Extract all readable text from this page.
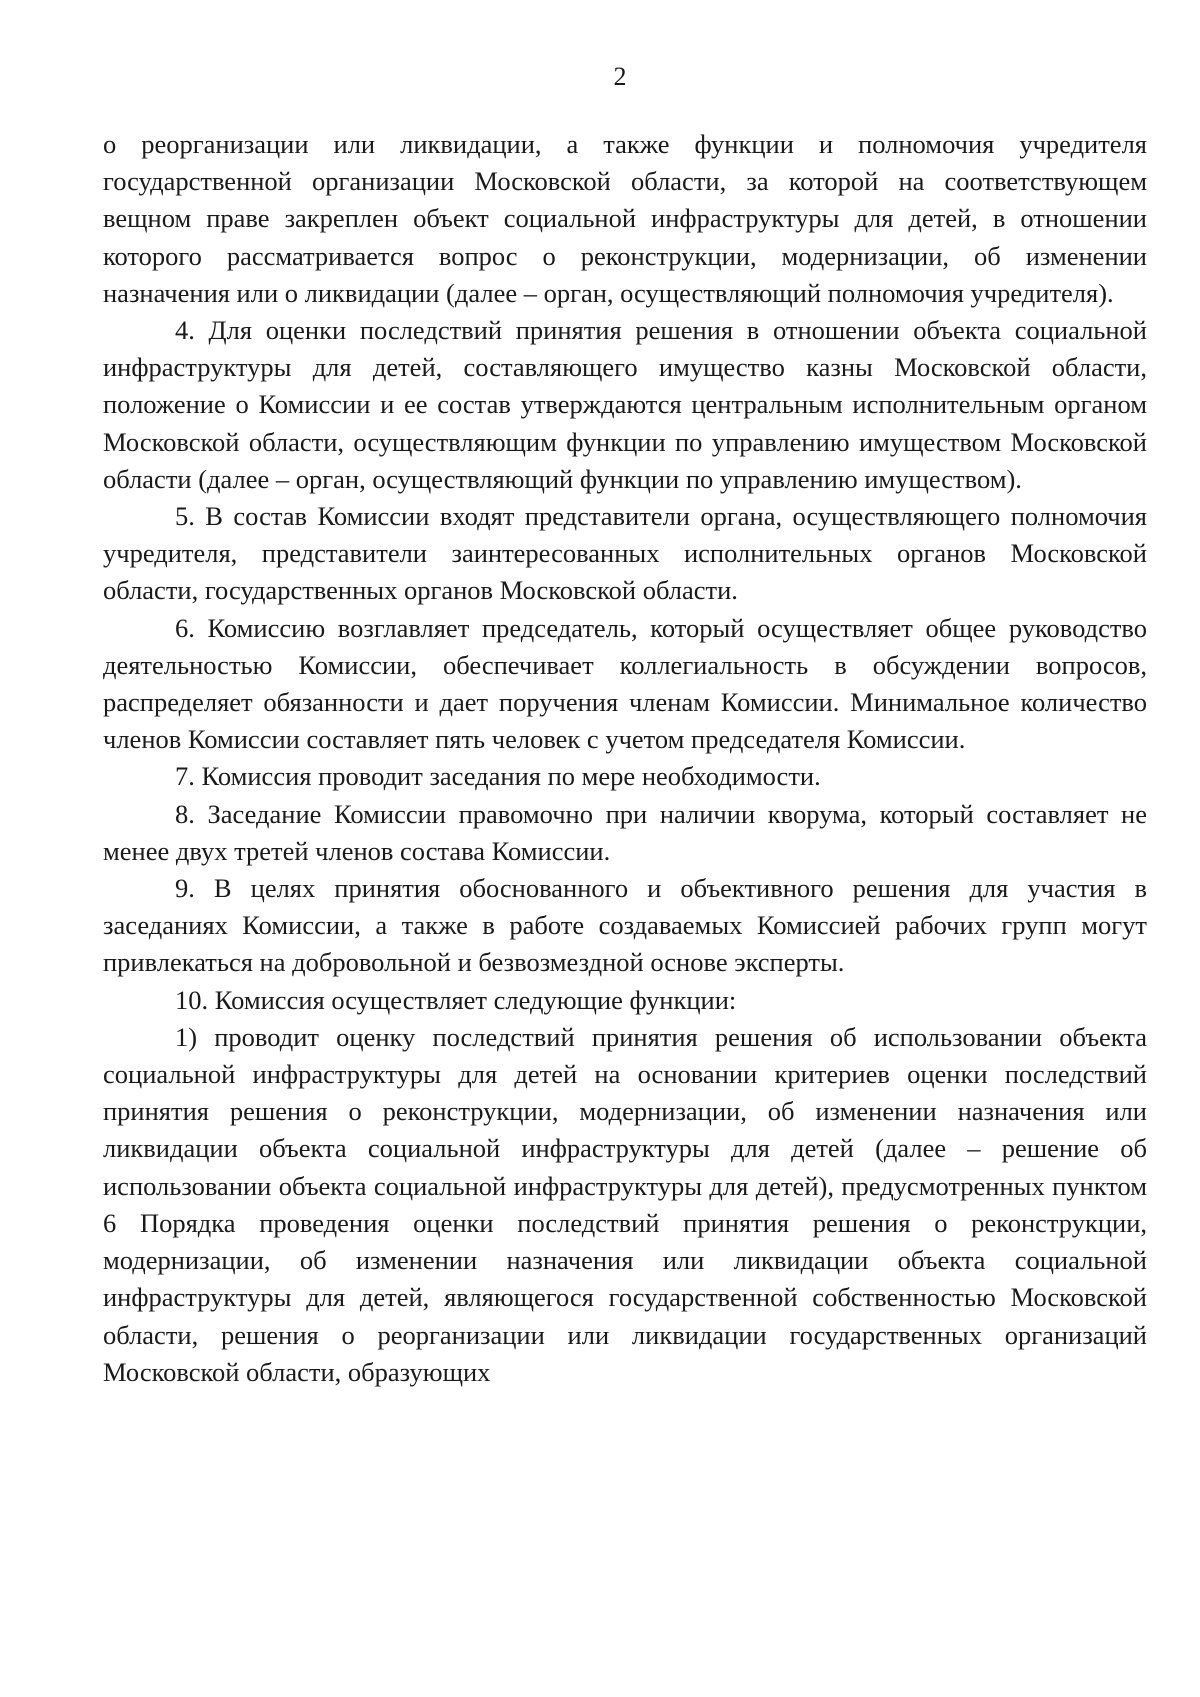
2

о реорганизации или ликвидации, а также функции и полномочия учредителя государственной организации Московской области, за которой на соответствующем вещном праве закреплен объект социальной инфраструктуры для детей, в отношении которого рассматривается вопрос о реконструкции, модернизации, об изменении назначения или о ликвидации (далее – орган, осуществляющий полномочия учредителя).

4. Для оценки последствий принятия решения в отношении объекта социальной инфраструктуры для детей, составляющего имущество казны Московской области, положение о Комиссии и ее состав утверждаются центральным исполнительным органом Московской области, осуществляющим функции по управлению имуществом Московской области (далее – орган, осуществляющий функции по управлению имуществом).

5. В состав Комиссии входят представители органа, осуществляющего полномочия учредителя, представители заинтересованных исполнительных органов Московской области, государственных органов Московской области.

6. Комиссию возглавляет председатель, который осуществляет общее руководство деятельностью Комиссии, обеспечивает коллегиальность в обсуждении вопросов, распределяет обязанности и дает поручения членам Комиссии. Минимальное количество членов Комиссии составляет пять человек с учетом председателя Комиссии.

7. Комиссия проводит заседания по мере необходимости.

8. Заседание Комиссии правомочно при наличии кворума, который составляет не менее двух третей членов состава Комиссии.

9. В целях принятия обоснованного и объективного решения для участия в заседаниях Комиссии, а также в работе создаваемых Комиссией рабочих групп могут привлекаться на добровольной и безвозмездной основе эксперты.

10. Комиссия осуществляет следующие функции:

1) проводит оценку последствий принятия решения об использовании объекта социальной инфраструктуры для детей на основании критериев оценки последствий принятия решения о реконструкции, модернизации, об изменении назначения или ликвидации объекта социальной инфраструктуры для детей (далее – решение об использовании объекта социальной инфраструктуры для детей), предусмотренных пунктом 6 Порядка проведения оценки последствий принятия решения о реконструкции, модернизации, об изменении назначения или ликвидации объекта социальной инфраструктуры для детей, являющегося государственной собственностью Московской области, решения о реорганизации или ликвидации государственных организаций Московской области, образующих
